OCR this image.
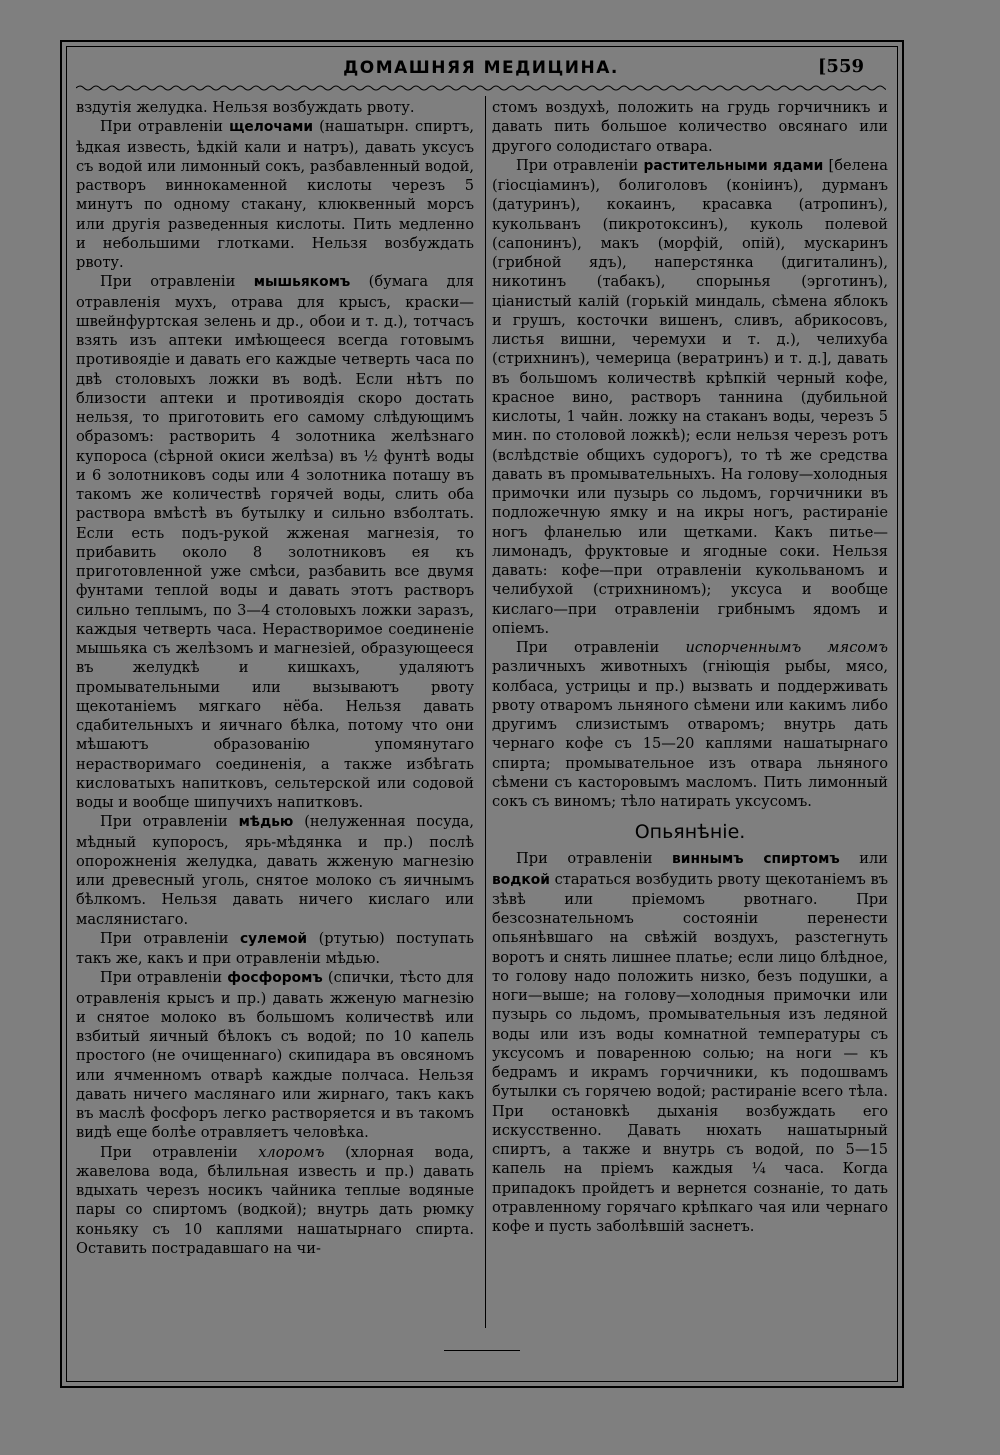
ДОМАШНЯЯ МЕДИЦИНА.	[559

вздутія желудка. Нельзя возбуждать рвоту.

При отравленіи щелочами (нашатырн. спиртъ, ѣдкая известь, ѣдкій кали и натръ), давать уксусъ съ водой или лимонный сокъ, разбавленный водой, растворъ виннокаменной кислоты черезъ 5 минутъ по одному стакану, клюквенный морсъ или другія разведенныя кислоты. Пить медленно и небольшими глотками. Нельзя возбуждать рвоту.

При отравленіи мышьякомъ (бумага для отравленія мухъ, отрава для крысъ, краски—швейнфуртская зелень и др., обои и т. д.), тотчасъ взять изъ аптеки имѣющееся всегда готовымъ противоядіе и давать его каждые четверть часа по двѣ столовыхъ ложки въ водѣ. Если нѣтъ по близости аптеки и противоядія скоро достать нельзя, то приготовить его самому слѣдующимъ образомъ: растворить 4 золотника желѣзнаго купороса (сѣрной окиси желѣза) въ ½ фунтѣ воды и 6 золотниковъ соды или 4 золотника поташу въ такомъ же количествѣ горячей воды, слить оба раствора вмѣстѣ въ бутылку и сильно взболтать. Если есть подъ-рукой жженая магнезія, то прибавить около 8 золотниковъ ея къ приготовленной уже смѣси, разбавить все двумя фунтами теплой воды и давать этотъ растворъ сильно теплымъ, по 3—4 столовыхъ ложки заразъ, каждыя четверть часа. Нерастворимое соединеніе мышьяка съ желѣзомъ и магнезіей, образующееся въ желудкѣ и кишкахъ, удаляютъ промывательными или вызываютъ рвоту щекотаніемъ мягкаго нёба. Нельзя давать сдабительныхъ и яичнаго бѣлка, потому что они мѣшаютъ образованію упомянутаго нерастворимаго соединенія, а также избѣгать кисловатыхъ напитковъ, сельтерской или содовой воды и вообще шипучихъ напитковъ.

При отравленіи мѣдью (нелуженная посуда, мѣдный купоросъ, ярь-мѣдянка и пр.) послѣ опорожненія желудка, давать жженую магнезію или древесный уголь, снятое молоко съ яичнымъ бѣлкомъ. Нельзя давать ничего кислаго или маслянистаго.

При отравленіи сулемой (ртутью) поступать такъ же, какъ и при отравленіи мѣдью.

При отравленіи фосфоромъ (спички, тѣсто для отравленія крысъ и пр.) давать жженую магнезію и снятое молоко въ большомъ количествѣ или взбитый яичный бѣлокъ съ водой; по 10 капель простого (не очищеннаго) скипидара въ овсяномъ или ячменномъ отварѣ каждые полчаса. Нельзя давать ничего маслянаго или жирнаго, такъ какъ въ маслѣ фосфоръ легко растворяется и въ такомъ видѣ еще болѣе отравляетъ человѣка.

При отравленіи хлоромъ (хлорная вода, жавелова вода, бѣлильная известь и пр.) давать вдыхать черезъ носикъ чайника теплые водяные пары со спиртомъ (водкой); внутрь дать рюмку коньяку съ 10 каплями нашатырнаго спирта. Оставить пострадавшаго на чи-

стомъ воздухѣ, положить на грудь горчичникъ и давать пить большое количество овсянаго или другого солодистаго отвара.

При отравленіи растительными ядами [белена (гіосціаминъ), болиголовъ (коніинъ), дурманъ (датуринъ), кокаинъ, красавка (атропинъ), кукольванъ (пикротоксинъ), куколь полевой (сапонинъ), макъ (морфій, опій), мускаринъ (грибной ядъ), наперстянка (дигиталинъ), никотинъ (табакъ), спорынья (эрготинъ), ціанистый калій (горькій миндаль, сѣмена яблокъ и грушъ, косточки вишенъ, сливъ, абрикосовъ, листья вишни, черемухи и т. д.), челихуба (стрихнинъ), чемерица (вератринъ) и т. д.], давать въ большомъ количествѣ крѣпкій черный кофе, красное вино, растворъ таннина (дубильной кислоты, 1 чайн. ложку на стаканъ воды, черезъ 5 мин. по столовой ложкѣ); если нельзя черезъ ротъ (вслѣдствіе общихъ судорогъ), то тѣ же средства давать въ промывательныхъ. На голову—холодныя примочки или пузырь со льдомъ, горчичники въ подложечную ямку и на икры ногъ, растираніе ногъ фланелью или щетками. Какъ питье—лимонадъ, фруктовые и ягодные соки. Нельзя давать: кофе—при отравленіи кукольваномъ и челибухой (стрихниномъ); уксуса и вообще кислаго—при отравленіи грибнымъ ядомъ и опіемъ.

При отравленіи испорченнымъ мясомъ различныхъ животныхъ (гніющія рыбы, мясо, колбаса, устрицы и пр.) вызвать и поддерживать рвоту отваромъ льняного сѣмени или какимъ либо другимъ слизистымъ отваромъ; внутрь дать чернаго кофе съ 15—20 каплями нашатырнаго спирта; промывательное изъ отвара льняного сѣмени съ касторовымъ масломъ. Пить лимонный сокъ съ виномъ; тѣло натирать уксусомъ.

Опьянѣніе.

При отравленіи виннымъ спиртомъ или водкой стараться возбудить рвоту щекотаніемъ въ зѣвѣ или пріемомъ рвотнаго. При безсознательномъ состояніи перенести опьянѣвшаго на свѣжій воздухъ, разстегнуть воротъ и снять лишнее платье; если лицо блѣдное, то голову надо положить низко, безъ подушки, а ноги—выше; на голову—холодныя примочки или пузырь со льдомъ, промывательныя изъ ледяной воды или изъ воды комнатной температуры съ уксусомъ и поваренною солью; на ноги — къ бедрамъ и икрамъ горчичники, къ подошвамъ бутылки съ горячею водой; растираніе всего тѣла. При остановкѣ дыханія возбуждать его искусственно. Давать нюхать нашатырный спиртъ, а также и внутрь съ водой, по 5—15 капель на пріемъ каждыя ¼ часа. Когда припадокъ пройдетъ и вернется сознаніе, то дать отравленному горячаго крѣпкаго чая или чернаго кофе и пусть заболѣвшій заснетъ.
